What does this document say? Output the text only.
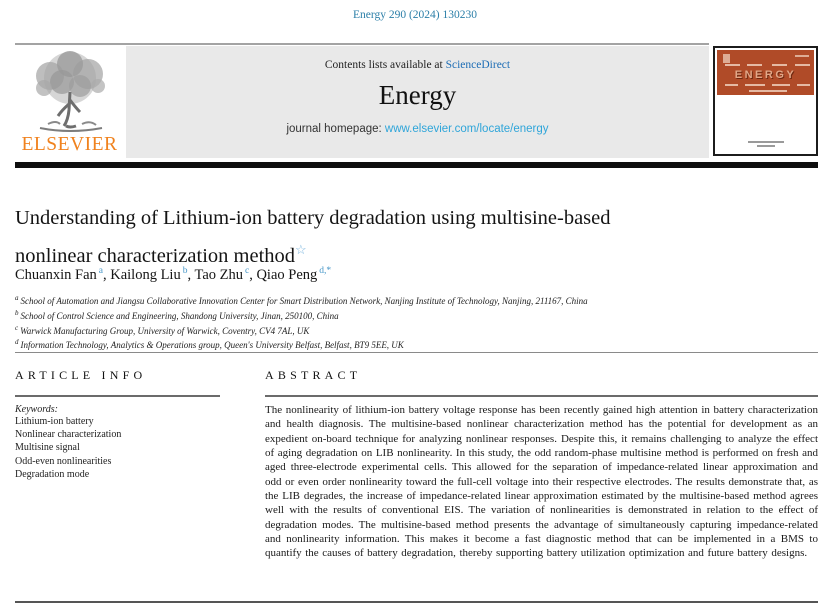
Energy 290 (2024) 130230
ELSEVIER
Contents lists available at ScienceDirect
Energy
journal homepage: www.elsevier.com/locate/energy
ENERGY
Understanding of Lithium-ion battery degradation using multisine-based
nonlinear characterization method☆
Chuanxin Fan $^a$, Kailong Liu $^b$, Tao Zhu $^c$, Qiao Peng $^{d,*}$
$^a$ School of Automation and Jiangsu Collaborative Innovation Center for Smart Distribution Network, Nanjing Institute of Technology, Nanjing, 211167, China
$^b$ School of Control Science and Engineering, Shandong University, Jinan, 250100, China
$^c$ Warwick Manufacturing Group, University of Warwick, Coventry, CV4 7AL, UK
$^d$ Information Technology, Analytics & Operations group, Queen's University Belfast, Belfast, BT9 5EE, UK
ARTICLE INFO
Keywords:
Lithium-ion battery
Nonlinear characterization
Multisine signal
Odd-even nonlinearities
Degradation mode
ABSTRACT

The nonlinearity of lithium-ion battery voltage response has been recently gained high attention in battery characterization and health diagnosis. The multisine-based nonlinear characterization method has the potential for development as an expedient on-board technique for analyzing nonlinear responses. Despite this, it remains challenging to analyze the effect of aging degradation on LIB nonlinearity. In this study, the odd random-phase multisine method is performed on fresh and aged three-electrode experimental cells. This allowed for the separation of impedance-related linear approximation and odd or even order nonlinearity toward the full-cell voltage into their respective electrodes. The results demonstrate that, as the LIB degrades, the increase of impedance-related linear approximation estimated by the multisine-based method agrees well with the results of conventional EIS. The variation of nonlinearities is demonstrated in relation to the effect of degradation modes. The multisine-based method presents the advantage of simultaneously capturing impedance-related and nonlinearity information. This makes it become a fast diagnostic method that can be implemented in a BMS to quantify the causes of battery degradation, thereby supporting battery utilization optimization and future battery designs.
